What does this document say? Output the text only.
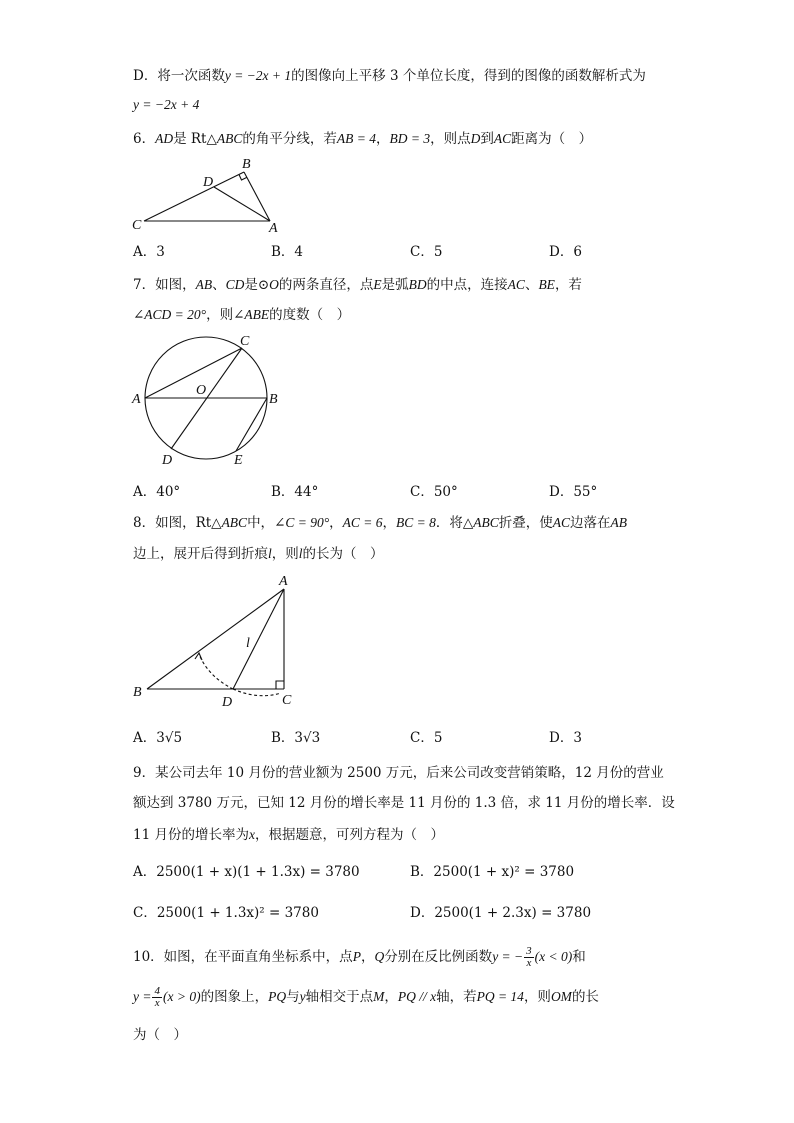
D．将一次函数y = −2x + 1的图像向上平移 3 个单位长度，得到的图像的函数解析式为
y = −2x + 4
6．AD是 Rt△ABC的角平分线，若AB = 4，BD = 3，则点D到AC距离为（　）
B
D
C	A
A．3	B．4	C．5	D．6
7．如图，AB、CD是⊙O的两条直径，点E是弧BD的中点，连接AC、BE，若
∠ACD = 20°，则∠ABE的度数（　）
C
O
A	B
D	E
A．40°	B．44°	C．50°	D．55°
8．如图，Rt△ABC中，∠C = 90°，AC = 6，BC = 8．将△ABC折叠，使AC边落在AB
边上，展开后得到折痕l，则l的长为（　）
A
l
B
D	C
A．3√5	B．3√3	C．5	D．3
9．某公司去年 10 月份的营业额为 2500 万元，后来公司改变营销策略，12 月份的营业
额达到 3780 万元，已知 12 月份的增长率是 11 月份的 1.3 倍，求 11 月份的增长率．设
11 月份的增长率为x，根据题意，可列方程为（　）
A．2500(1 + x)(1 + 1.3x) = 3780	B．2500(1 + x)² = 3780
C．2500(1 + 1.3x)² = 3780	D．2500(1 + 2.3x) = 3780
10．如图，在平面直角坐标系中，点P，Q分别在反比例函数y = − $\frac{3}{x} (x < 0)$和
$y = \frac{4}{x} (x > 0)$的图象上，PQ与y轴相交于点M，PQ // x轴，若PQ = 14，则OM的长
为（　）
